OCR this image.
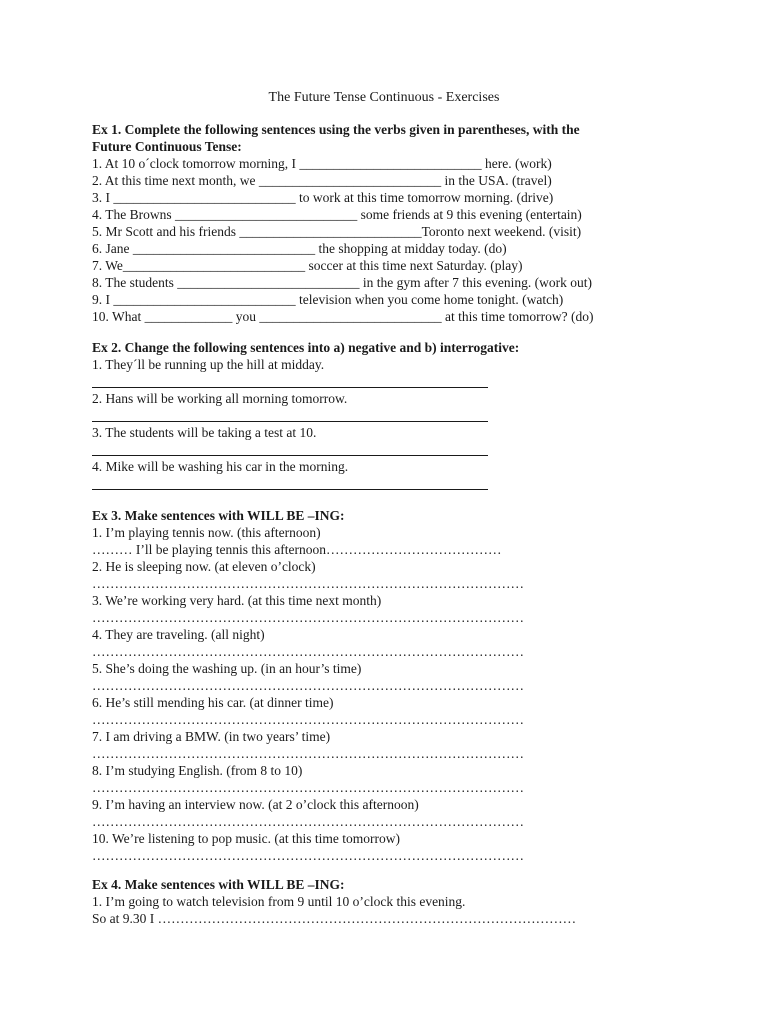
The Future Tense Continuous - Exercises
Ex 1. Complete the following sentences using the verbs given in parentheses, with the
Future Continuous Tense:
1. At 10 o´clock tomorrow morning, I ___________________________ here. (work)
2. At this time next month, we ___________________________ in the USA. (travel)
3. I ___________________________ to work at this time tomorrow morning. (drive)
4. The Browns ___________________________ some friends at 9 this evening (entertain)
5. Mr Scott and his friends ___________________________Toronto next weekend. (visit)
6. Jane ___________________________ the shopping at midday today. (do)
7. We___________________________ soccer at this time next Saturday. (play)
8. The students ___________________________ in the gym after 7 this evening. (work out)
9. I ___________________________ television when you come home tonight. (watch)
10. What _____________ you ___________________________ at this time tomorrow? (do)
Ex 2. Change the following sentences into a) negative and b) interrogative:
1. They´ll be running up the hill at midday.
2. Hans will be working all morning tomorrow.
3. The students will be taking a test at 10.
4. Mike will be washing his car in the morning.
Ex 3. Make sentences with WILL BE –ING:
1. I’m playing tennis now. (this afternoon)
……… I’ll be playing tennis this afternoon…………………………………
2. He is sleeping now. (at eleven o’clock)
……………………………………………………………………………………
3. We’re working very hard. (at this time next month)
……………………………………………………………………………………
4. They are traveling. (all night)
……………………………………………………………………………………
5. She’s doing the washing up. (in an hour’s time)
……………………………………………………………………………………
6. He’s still mending his car. (at dinner time)
……………………………………………………………………………………
7. I am driving a BMW. (in two years’ time)
……………………………………………………………………………………
8. I’m studying English. (from 8 to 10)
……………………………………………………………………………………
9. I’m having an interview now. (at 2 o’clock this afternoon)
……………………………………………………………………………………
10. We’re listening to pop music. (at this time tomorrow)
……………………………………………………………………………………
Ex 4. Make sentences with WILL BE –ING:
1. I’m going to watch television from 9 until 10 o’clock this evening.
So at 9.30 I …………………………………………………………………………………
